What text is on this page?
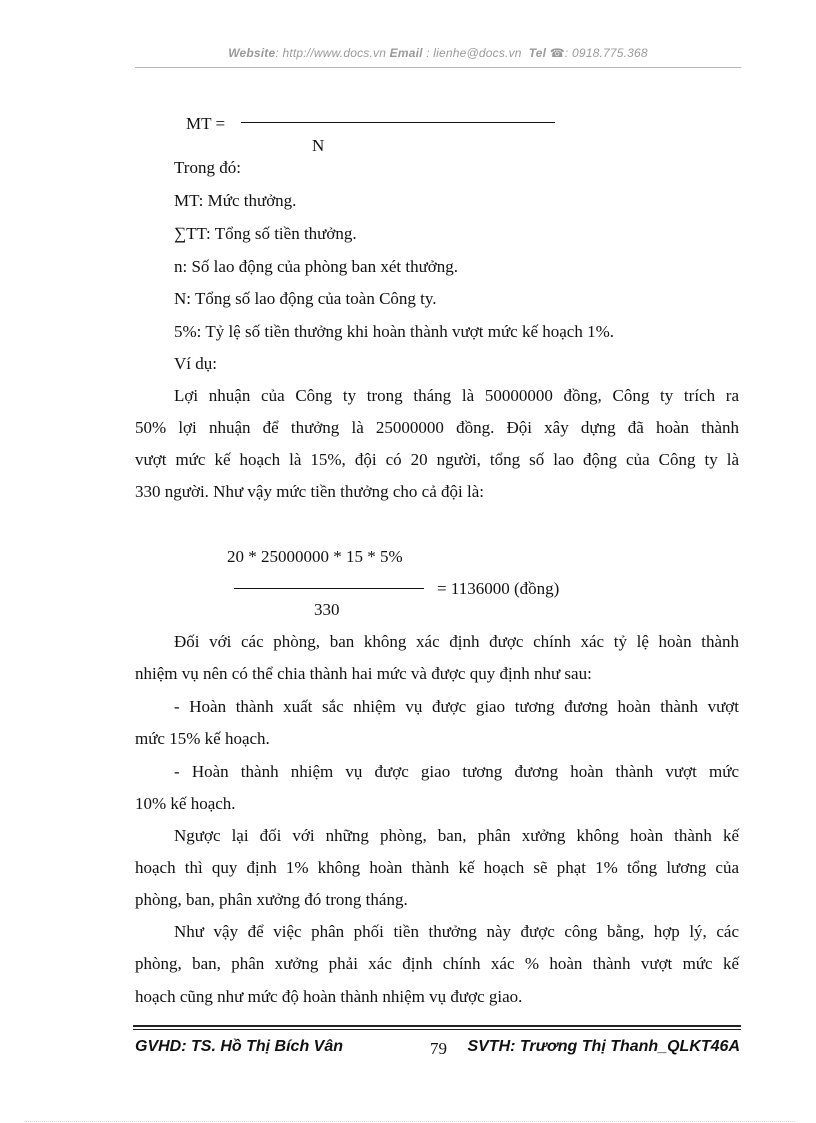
Website: http://www.docs.vn Email : lienhe@docs.vn Tel ☎: 0918.775.368
MT =
N
Trong đó:
MT: Mức thưởng.
∑TT: Tổng số tiền thưởng.
n: Số lao động của phòng ban xét thưởng.
N: Tổng số lao động của toàn Công ty.
5%: Tỷ lệ số tiền thưởng khi hoàn thành vượt mức kế hoạch 1%.
Ví dụ:
Lợi nhuận của Công ty trong tháng là 50000000 đồng, Công ty trích ra
50% lợi nhuận để thưởng là 25000000 đồng. Đội xây dựng đã hoàn thành
vượt mức kế hoạch là 15%, đội có 20 người, tổng số lao động của Công ty là
330 người. Như vậy mức tiền thưởng cho cả đội là:
20 * 25000000 * 15 * 5%
= 1136000 (đồng)
330
Đối với các phòng, ban không xác định được chính xác tỷ lệ hoàn thành
nhiệm vụ nên có thể chia thành hai mức và được quy định như sau:
- Hoàn thành xuất sắc nhiệm vụ được giao tương đương hoàn thành vượt
mức 15% kế hoạch.
- Hoàn thành nhiệm vụ được giao tương đương hoàn thành vượt mức
10% kế hoạch.
Ngược lại đối với những phòng, ban, phân xưởng không hoàn thành kế
hoạch thì quy định 1% không hoàn thành kế hoạch sẽ phạt 1% tổng lương của
phòng, ban, phân xưởng đó trong tháng.
Như vậy để việc phân phối tiền thưởng này được công bằng, hợp lý, các
phòng, ban, phân xưởng phải xác định chính xác % hoàn thành vượt mức kế
hoạch cũng như mức độ hoàn thành nhiệm vụ được giao.
GVHD: TS. Hồ Thị Bích Vân	79 SVTH: Trương Thị Thanh_QLKT46A
